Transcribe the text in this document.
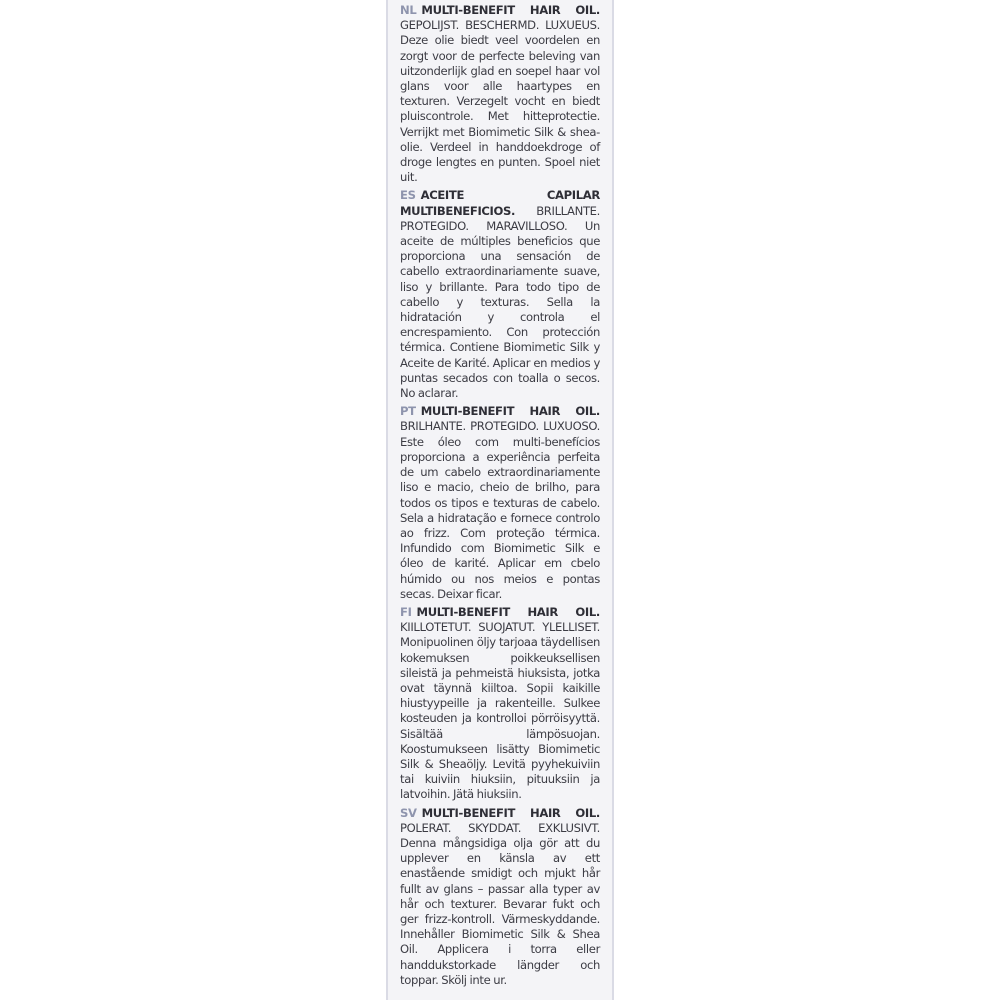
NL MULTI-BENEFIT HAIR OIL. GEPOLIJST. BESCHERMD. LUXUEUS. Deze olie biedt veel voordelen en zorgt voor de perfecte beleving van uitzonderlijk glad en soepel haar vol glans voor alle haartypes en texturen. Verzegelt vocht en biedt pluiscontrole. Met hitteprotectie. Verrijkt met Biomimetic Silk & shea-olie. Verdeel in handdoekdroge of droge lengtes en punten. Spoel niet uit.

ES ACEITE CAPILAR MULTIBENEFICIOS. BRILLANTE. PROTEGIDO. MARAVILLOSO. Un aceite de múltiples beneficios que proporciona una sensación de cabello extraordinariamente suave, liso y brillante. Para todo tipo de cabello y texturas. Sella la hidratación y controla el encrespamiento. Con protección térmica. Contiene Biomimetic Silk y Aceite de Karité. Aplicar en medios y puntas secados con toalla o secos. No aclarar.

PT MULTI-BENEFIT HAIR OIL. BRILHANTE. PROTEGIDO. LUXUOSO. Este óleo com multi-benefícios proporciona a experiência perfeita de um cabelo extraordinariamente liso e macio, cheio de brilho, para todos os tipos e texturas de cabelo. Sela a hidratação e fornece controlo ao frizz. Com proteção térmica. Infundido com Biomimetic Silk e óleo de karité. Aplicar em cbelo húmido ou nos meios e pontas secas. Deixar ficar.

FI MULTI-BENEFIT HAIR OIL. KIILLOTETUT. SUOJATUT. YLELLISET. Monipuolinen öljy tarjoaa täydellisen kokemuksen poikkeuksellisen sileistä ja pehmeistä hiuksista, jotka ovat täynnä kiiltoa. Sopii kaikille hiustyypeille ja rakenteille. Sulkee kosteuden ja kontrolloi pörröisyyttä. Sisältää lämpösuojan. Koostumukseen lisätty Biomimetic Silk & Sheaöljy. Levitä pyyhekuiviin tai kuiviin hiuksiin, pituuksiin ja latvoihin. Jätä hiuksiin.

SV MULTI-BENEFIT HAIR OIL. POLERAT. SKYDDAT. EXKLUSIVT. Denna mångsidiga olja gör att du upplever en känsla av ett enastående smidigt och mjukt hår fullt av glans – passar alla typer av hår och texturer. Bevarar fukt och ger frizz-kontroll. Värmeskyddande. Innehåller Biomimetic Silk & Shea Oil. Applicera i torra eller handdukstorkade längder och toppar. Skölj inte ur.
